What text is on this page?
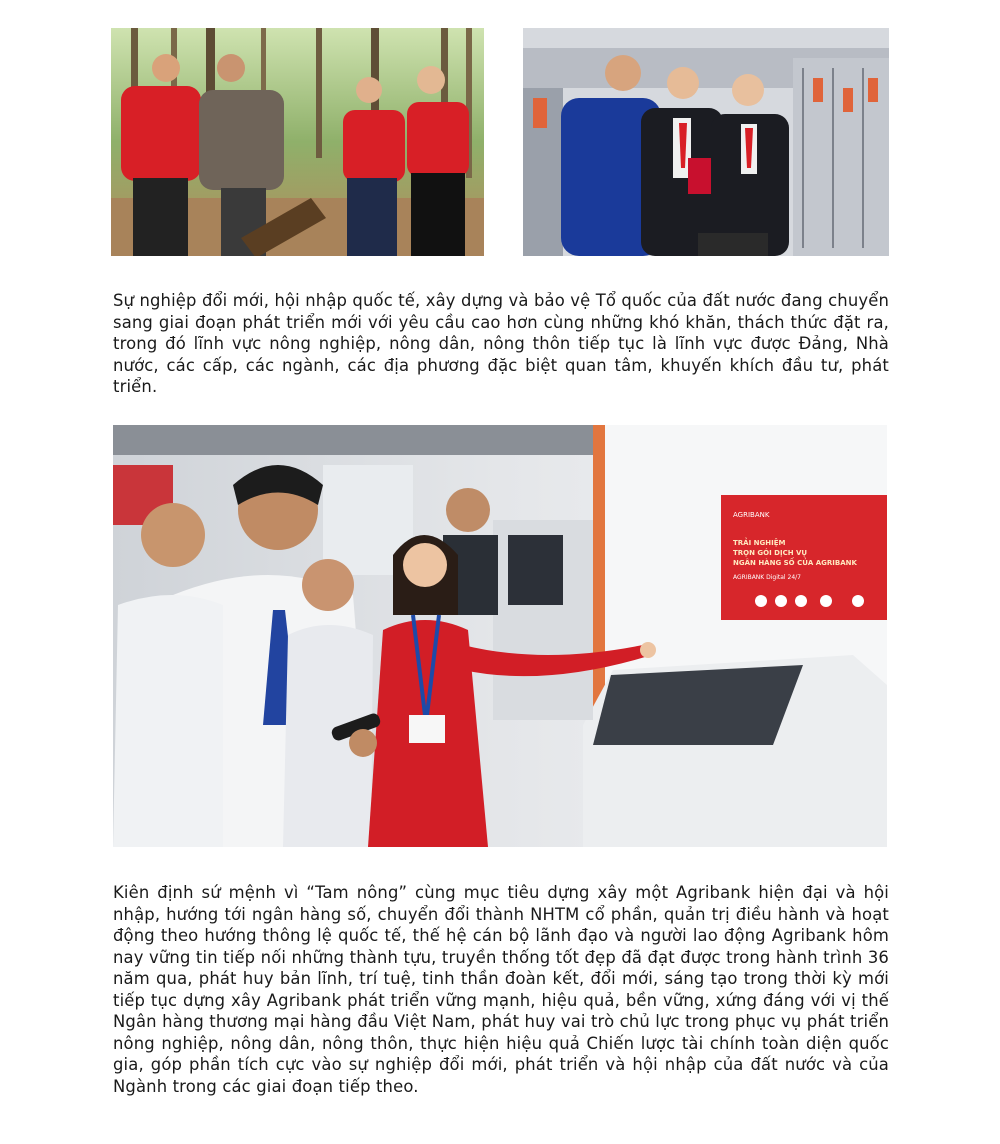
Sự nghiệp đổi mới, hội nhập quốc tế, xây dựng và bảo vệ Tổ quốc của đất nước đang chuyển sang giai đoạn phát triển mới với yêu cầu cao hơn cùng những khó khăn, thách thức đặt ra, trong đó lĩnh vực nông nghiệp, nông dân, nông thôn tiếp tục là lĩnh vực được Đảng, Nhà nước, các cấp, các ngành, các địa phương đặc biệt quan tâm, khuyến khích đầu tư, phát triển.

AGRIBANK
TRẢI NGHIỆM
TRỌN GÓI DỊCH VỤ
NGÂN HÀNG SỐ CỦA AGRIBANK
AGRIBANK Digital 24/7

Kiên định sứ mệnh vì “Tam nông” cùng mục tiêu dựng xây một Agribank hiện đại và hội nhập, hướng tới ngân hàng số, chuyển đổi thành NHTM cổ phần, quản trị điều hành và hoạt động theo hướng thông lệ quốc tế, thế hệ cán bộ lãnh đạo và người lao động Agribank hôm nay vững tin tiếp nối những thành tựu, truyền thống tốt đẹp đã đạt được trong hành trình 36 năm qua, phát huy bản lĩnh, trí tuệ, tinh thần đoàn kết, đổi mới, sáng tạo trong thời kỳ mới tiếp tục dựng xây Agribank phát triển vững mạnh, hiệu quả, bền vững, xứng đáng với vị thế Ngân hàng thương mại hàng đầu Việt Nam, phát huy vai trò chủ lực trong phục vụ phát triển nông nghiệp, nông dân, nông thôn, thực hiện hiệu quả Chiến lược tài chính toàn diện quốc gia, góp phần tích cực vào sự nghiệp đổi mới, phát triển và hội nhập của đất nước và của Ngành trong các giai đoạn tiếp theo.
